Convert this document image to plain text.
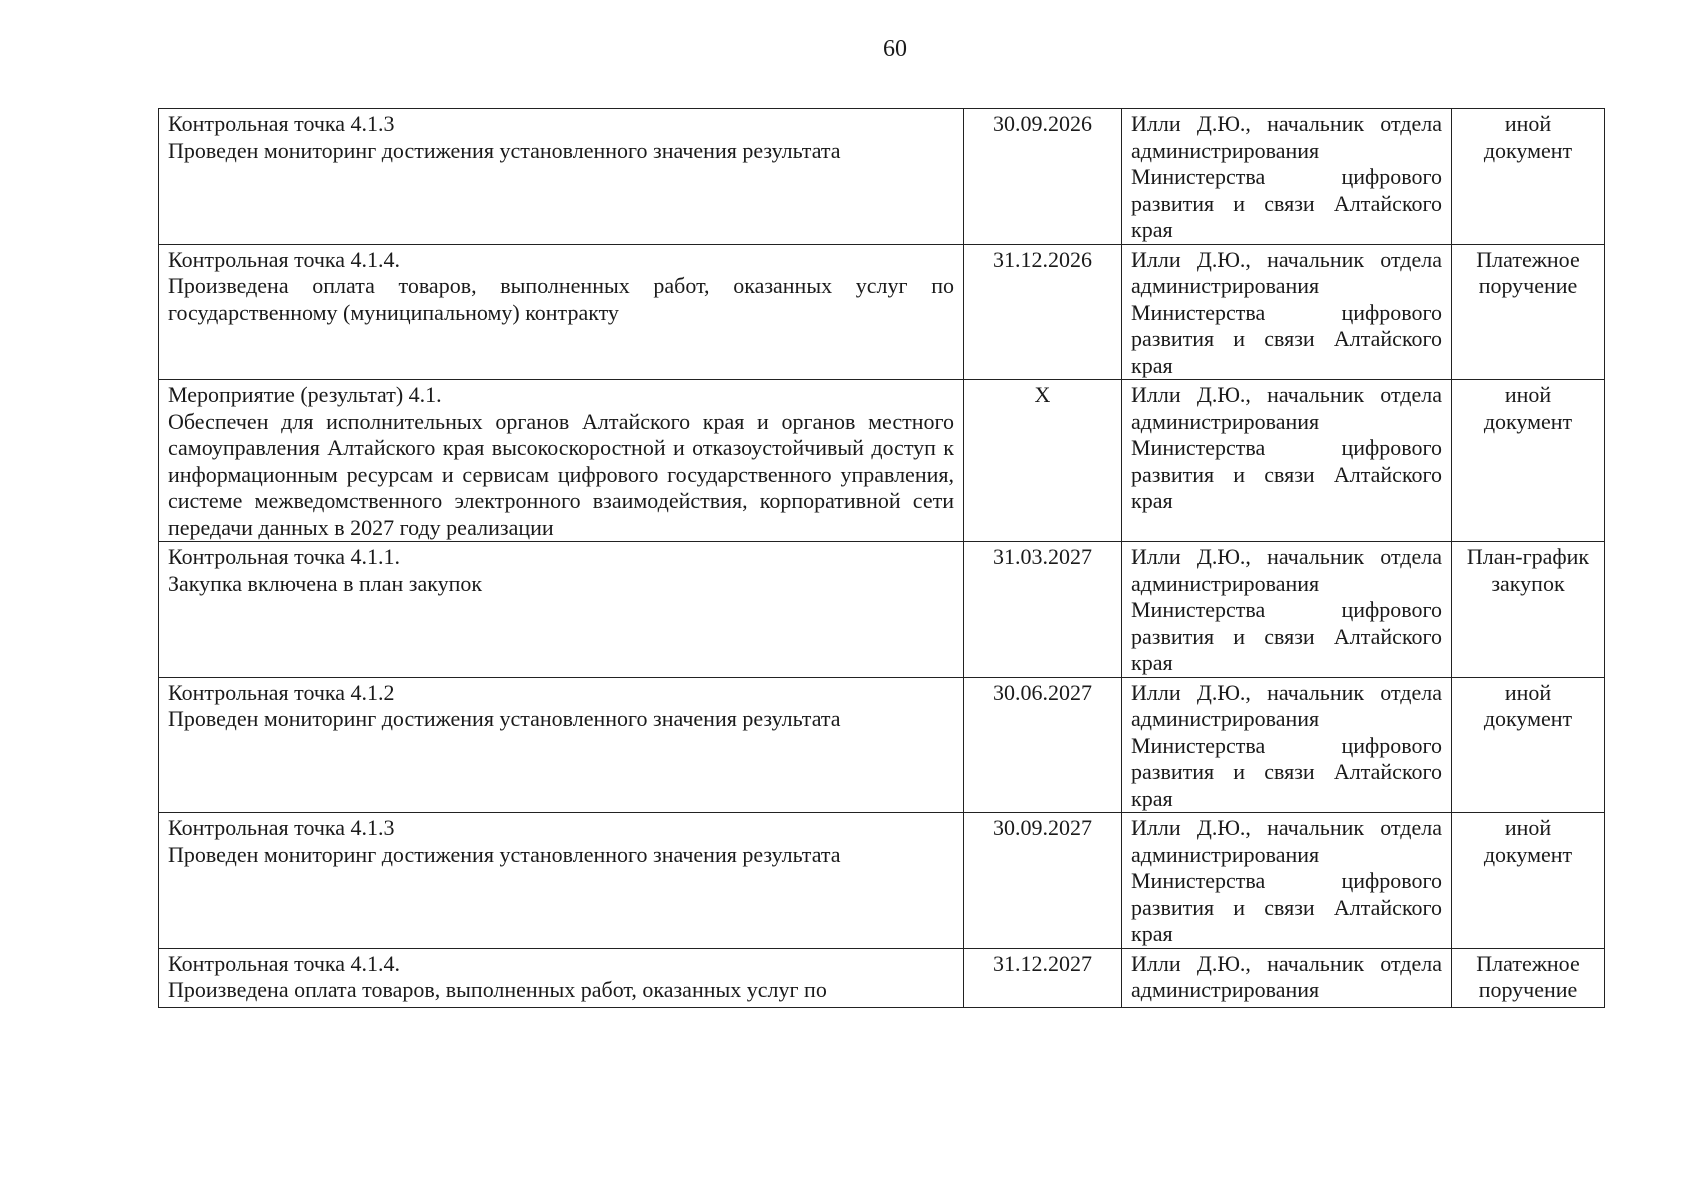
60
Контрольная точка 4.1.3
Проведен мониторинг достижения установленного значения результата	30.09.2026	Илли Д.Ю., начальник отдела администрирования Министерства цифрового развития и связи Алтайского края	иной документ

Контрольная точка 4.1.4.
Произведена оплата товаров, выполненных работ, оказанных услуг по государственному (муниципальному) контракту	31.12.2026	Илли Д.Ю., начальник отдела администрирования Министерства цифрового развития и связи Алтайского края	Платежное поручение

Мероприятие (результат) 4.1.
Обеспечен для исполнительных органов Алтайского края и органов местного самоуправления Алтайского края высокоскоростной и отказоустойчивый доступ к информационным ресурсам и сервисам цифрового государственного управления, системе межведомственного электронного взаимодействия, корпоративной сети передачи данных в 2027 году реализации	Х	Илли Д.Ю., начальник отдела администрирования Министерства цифрового развития и связи Алтайского края	иной документ

Контрольная точка 4.1.1.
Закупка включена в план закупок	31.03.2027	Илли Д.Ю., начальник отдела администрирования Министерства цифрового развития и связи Алтайского края	План-график закупок

Контрольная точка 4.1.2
Проведен мониторинг достижения установленного значения результата	30.06.2027	Илли Д.Ю., начальник отдела администрирования Министерства цифрового развития и связи Алтайского края	иной документ

Контрольная точка 4.1.3
Проведен мониторинг достижения установленного значения результата	30.09.2027	Илли Д.Ю., начальник отдела администрирования Министерства цифрового развития и связи Алтайского края	иной документ

Контрольная точка 4.1.4.
Произведена оплата товаров, выполненных работ, оказанных услуг по	31.12.2027	Илли Д.Ю., начальник отдела администрирования	Платежное поручение
